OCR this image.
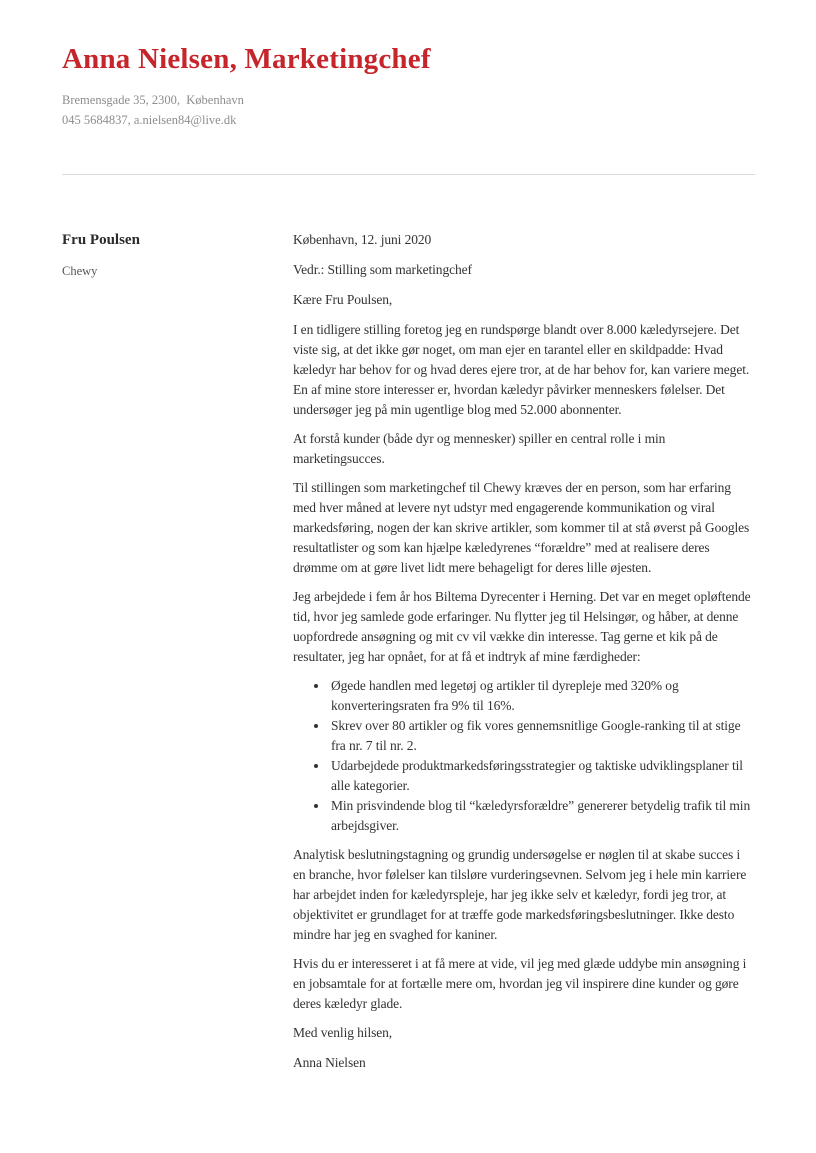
Anna Nielsen, Marketingchef
Bremensgade 35, 2300,  København
045 5684837, a.nielsen84@live.dk
Fru Poulsen
Chewy

København, 12. juni 2020

Vedr.: Stilling som marketingchef

Kære Fru Poulsen,

I en tidligere stilling foretog jeg en rundspørge blandt over 8.000 kæledyrsejere. Det viste sig, at det ikke gør noget, om man ejer en tarantel eller en skildpadde: Hvad kæledyr har behov for og hvad deres ejere tror, at de har behov for, kan variere meget. En af mine store interesser er, hvordan kæledyr påvirker menneskers følelser. Det undersøger jeg på min ugentlige blog med 52.000 abonnenter.

At forstå kunder (både dyr og mennesker) spiller en central rolle i min marketingsucces.

Til stillingen som marketingchef til Chewy kræves der en person, som har erfaring med hver måned at levere nyt udstyr med engagerende kommunikation og viral markedsføring, nogen der kan skrive artikler, som kommer til at stå øverst på Googles resultatlister og som kan hjælpe kæledyrenes “forældre” med at realisere deres drømme om at gøre livet lidt mere behageligt for deres lille øjesten.

Jeg arbejdede i fem år hos Biltema Dyrecenter i Herning. Det var en meget opløftende tid, hvor jeg samlede gode erfaringer. Nu flytter jeg til Helsingør, og håber, at denne uopfordrede ansøgning og mit cv vil vække din interesse. Tag gerne et kik på de resultater, jeg har opnået, for at få et indtryk af mine færdigheder:

• Øgede handlen med legetøj og artikler til dyrepleje med 320% og konverteringsraten fra 9% til 16%.
• Skrev over 80 artikler og fik vores gennemsnitlige Google-ranking til at stige fra nr. 7 til nr. 2.
• Udarbejdede produktmarkedsføringsstrategier og taktiske udviklingsplaner til alle kategorier.
• Min prisvindende blog til “kæledyrsforældre” genererer betydelig trafik til min arbejdsgiver.

Analytisk beslutningstagning og grundig undersøgelse er nøglen til at skabe succes i en branche, hvor følelser kan tilsløre vurderingsevnen. Selvom jeg i hele min karriere har arbejdet inden for kæledyrspleje, har jeg ikke selv et kæledyr, fordi jeg tror, at objektivitet er grundlaget for at træffe gode markedsføringsbeslutninger. Ikke desto mindre har jeg en svaghed for kaniner.

Hvis du er interesseret i at få mere at vide, vil jeg med glæde uddybe min ansøgning i en jobsamtale for at fortælle mere om, hvordan jeg vil inspirere dine kunder og gøre deres kæledyr glade.

Med venlig hilsen,

Anna Nielsen
